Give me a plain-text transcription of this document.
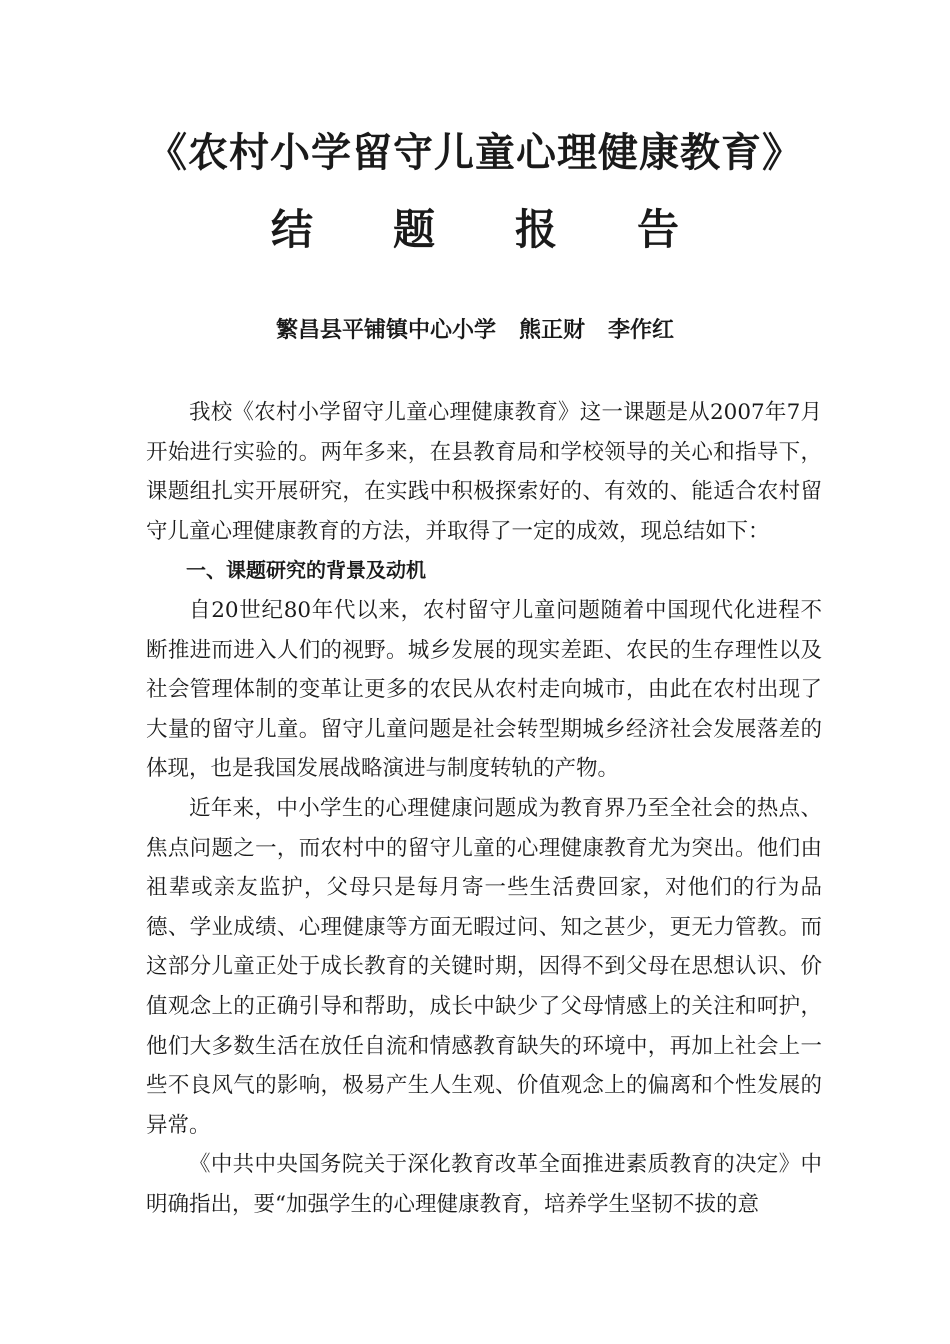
《农村小学留守儿童心理健康教育》
结题报告
繁昌县平铺镇中心小学   熊正财   李作红

我校《农村小学留守儿童心理健康教育》这一课题是从2007年7月开始进行实验的。两年多来，在县教育局和学校领导的关心和指导下，课题组扎实开展研究，在实践中积极探索好的、有效的、能适合农村留守儿童心理健康教育的方法，并取得了一定的成效，现总结如下：

一、课题研究的背景及动机

自20世纪80年代以来，农村留守儿童问题随着中国现代化进程不断推进而进入人们的视野。城乡发展的现实差距、农民的生存理性以及社会管理体制的变革让更多的农民从农村走向城市，由此在农村出现了大量的留守儿童。留守儿童问题是社会转型期城乡经济社会发展落差的体现，也是我国发展战略演进与制度转轨的产物。

近年来，中小学生的心理健康问题成为教育界乃至全社会的热点、焦点问题之一，而农村中的留守儿童的心理健康教育尤为突出。他们由祖辈或亲友监护，父母只是每月寄一些生活费回家，对他们的行为品德、学业成绩、心理健康等方面无暇过问、知之甚少，更无力管教。而这部分儿童正处于成长教育的关键时期，因得不到父母在思想认识、价值观念上的正确引导和帮助，成长中缺少了父母情感上的关注和呵护，他们大多数生活在放任自流和情感教育缺失的环境中，再加上社会上一些不良风气的影响，极易产生人生观、价值观念上的偏离和个性发展的异常。

《中共中央国务院关于深化教育改革全面推进素质教育的决定》中明确指出，要“加强学生的心理健康教育，培养学生坚韧不拔的意
